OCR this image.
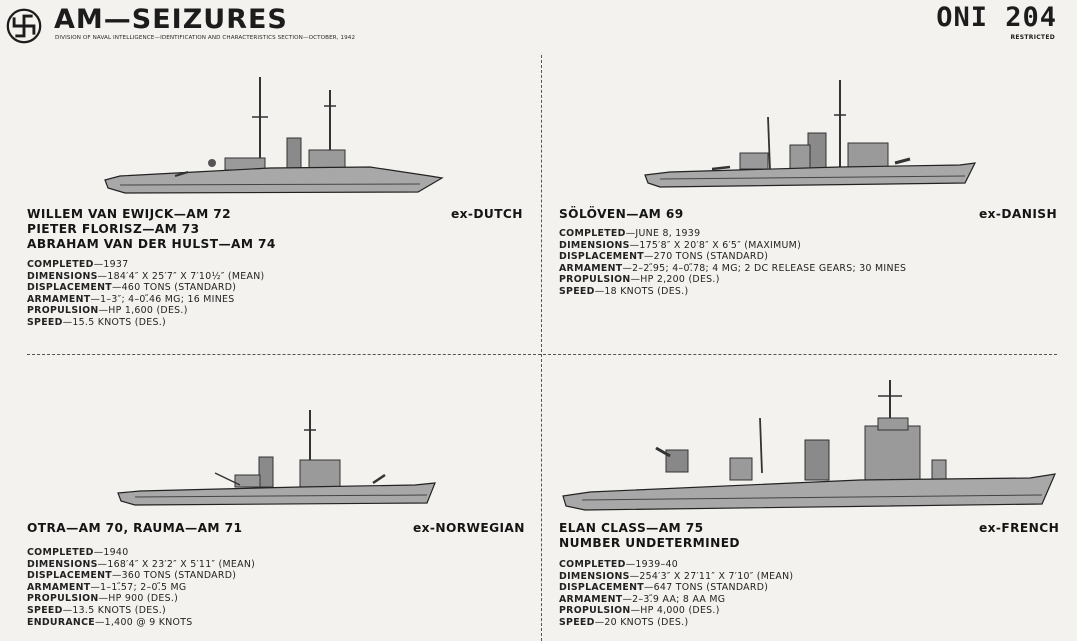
AM—SEIZURES
DIVISION OF NAVAL INTELLIGENCE—IDENTIFICATION AND CHARACTERISTICS SECTION—OCTOBER, 1942
ONI 204
RESTRICTED
WILLEM VAN EWIJCK—AM 72
PIETER FLORISZ—AM 73
ABRAHAM VAN DER HULST—AM 74
ex-DUTCH
COMPLETED—1937
DIMENSIONS—184′4″ X 25′7″ X 7′10½″ (MEAN)
DISPLACEMENT—460 TONS (STANDARD)
ARMAMENT—1–3″; 4–0.̋46 MG; 16 MINES
PROPULSION—HP 1,600 (DES.)
SPEED—15.5 KNOTS (DES.)
SÖLÖVEN—AM 69	ex-DANISH
COMPLETED—JUNE 8, 1939
DIMENSIONS—175′8″ X 20′8″ X 6′5″ (MAXIMUM)
DISPLACEMENT—270 TONS (STANDARD)
ARMAMENT—2–2.̋95; 4–0.̋78; 4 MG; 2 DC RELEASE GEARS; 30 MINES
PROPULSION—HP 2,200 (DES.)
SPEED—18 KNOTS (DES.)
OTRA—AM 70, RAUMA—AM 71	ex-NORWEGIAN
COMPLETED—1940
DIMENSIONS—168′4″ X 23′2″ X 5′11″ (MEAN)
DISPLACEMENT—360 TONS (STANDARD)
ARMAMENT—1–1.̋57; 2–0.̋5 MG
PROPULSION—HP 900 (DES.)
SPEED—13.5 KNOTS (DES.)
ENDURANCE—1,400 @ 9 KNOTS
ELAN CLASS—AM 75
NUMBER UNDETERMINED
ex-FRENCH
COMPLETED—1939–40
DIMENSIONS—254′3″ X 27′11″ X 7′10″ (MEAN)
DISPLACEMENT—647 TONS (STANDARD)
ARMAMENT—2–3.̋9 AA; 8 AA MG
PROPULSION—HP 4,000 (DES.)
SPEED—20 KNOTS (DES.)
